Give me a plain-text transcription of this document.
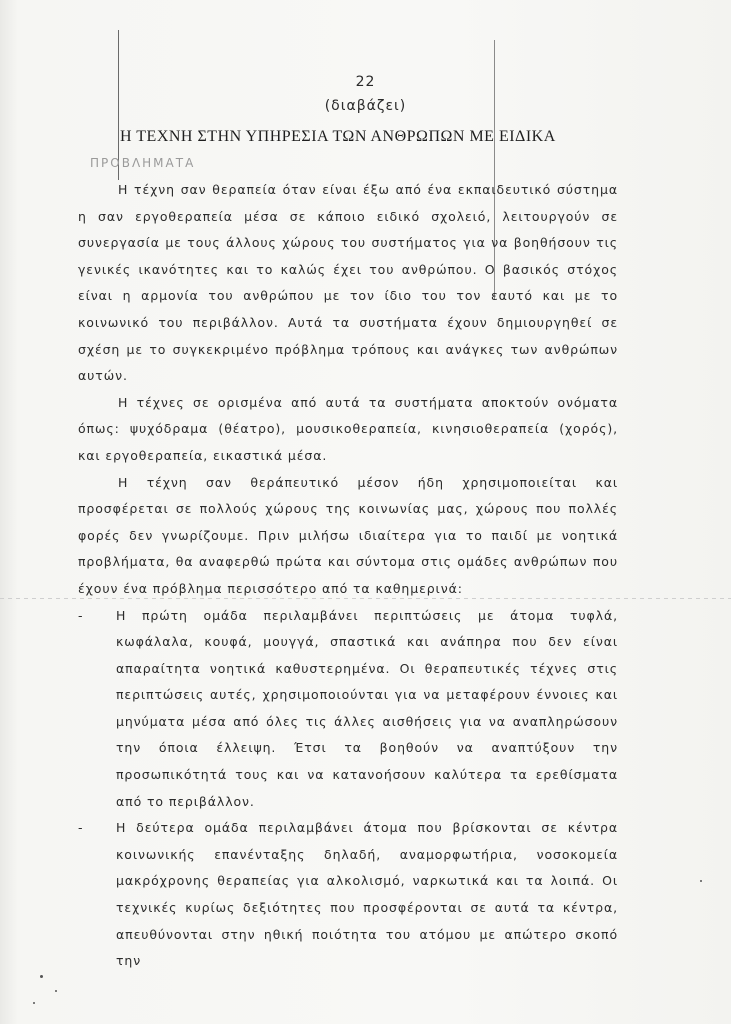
22
(διαβάζει)
Η ΤΕΧΝΗ ΣΤΗΝ ΥΠΗΡΕΣΙΑ ΤΩΝ ΑΝΘΡΩΠΩΝ ΜΕ ΕΙΔΙΚΑ
ΠΡΟΒΛΗΜΑΤΑ

Η τέχνη σαν θεραπεία όταν είναι έξω από ένα εκπαιδευτικό σύστημα η σαν εργοθεραπεία μέσα σε κάποιο ειδικό σχολειό, λειτουργούν σε συνεργασία με τους άλλους χώρους του συστήματος για να βοηθήσουν τις γενικές ικανότητες και το καλώς έχει του ανθρώπου. Ο βασικός στόχος είναι η αρμονία του ανθρώπου με τον ίδιο του τον εαυτό και με το κοινωνικό του περιβάλλον. Αυτά τα συστήματα έχουν δημιουργηθεί σε σχέση με το συγκεκριμένο πρόβλημα τρόπους και ανάγκες των ανθρώπων αυτών.

Η τέχνες σε ορισμένα από αυτά τα συστήματα αποκτούν ονόματα όπως: ψυχόδραμα (θέατρο), μουσικοθεραπεία, κινησιοθεραπεία (χορός), και εργοθεραπεία, εικαστικά μέσα.

Η τέχνη σαν θεράπευτικό μέσον ήδη χρησιμοποιείται και προσφέρεται σε πολλούς χώρους της κοινωνίας μας, χώρους που πολλές φορές δεν γνωρίζουμε. Πριν μιλήσω ιδιαίτερα για το παιδί με νοητικά προβλήματα, θα αναφερθώ πρώτα και σύντομα στις ομάδες ανθρώπων που έχουν ένα πρόβλημα περισσότερο από τα καθημερινά:

-	Η πρώτη ομάδα περιλαμβάνει περιπτώσεις με άτομα τυφλά, κωφάλαλα, κουφά, μουγγά, σπαστικά και ανάπηρα που δεν είναι απαραίτητα νοητικά καθυστερημένα. Οι θεραπευτικές τέχνες στις περιπτώσεις αυτές, χρησιμοποιούνται για να μεταφέρουν έννοιες και μηνύματα μέσα από όλες τις άλλες αισθήσεις για να αναπληρώσουν την όποια έλλειψη. Έτσι τα βοηθούν να αναπτύξουν την προσωπικότητά τους και να κατανοήσουν καλύτερα τα ερεθίσματα από το περιβάλλον.
-	Η δεύτερα ομάδα περιλαμβάνει άτομα που βρίσκονται σε κέντρα κοινωνικής επανένταξης δηλαδή, αναμορφωτήρια, νοσοκομεία μακρόχρονης θεραπείας για αλκολισμό, ναρκωτικά και τα λοιπά. Οι τεχνικές κυρίως δεξιότητες που προσφέρονται σε αυτά τα κέντρα, απευθύνονται στην ηθική ποιότητα του ατόμου με απώτερο σκοπό την
